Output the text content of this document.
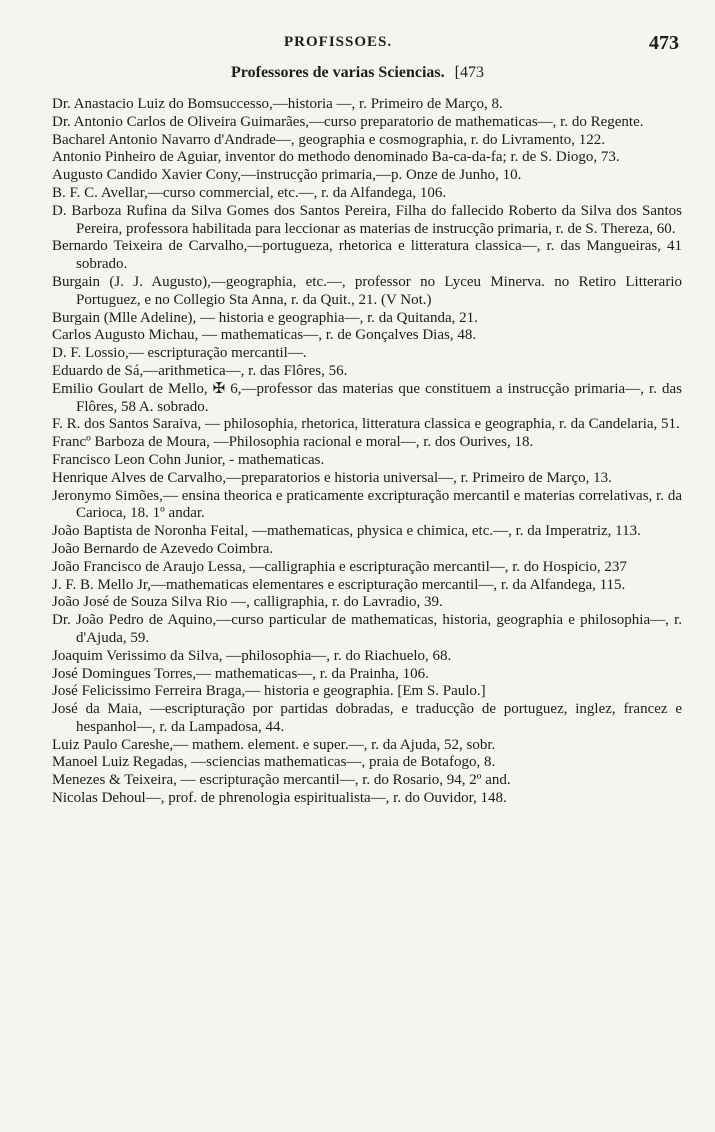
PROFISSOES.	473
Professores de varias Sciencias. [473

Dr. Anastacio Luiz do Bomsuccesso,—historia —, r. Primeiro de Março, 8.

Dr. Antonio Carlos de Oliveira Guimarães,—curso preparatorio de mathematicas—, r. do Regente.

Bacharel Antonio Navarro d'Andrade—, geographia e cosmographia, r. do Livramento, 122.

Antonio Pinheiro de Aguiar, inventor do methodo denominado Ba-ca-da-fa; r. de S. Diogo, 73.

Augusto Candido Xavier Cony,—instrucção primaria,—p. Onze de Junho, 10.

B. F. C. Avellar,—curso commercial, etc.—, r. da Alfandega, 106.

D. Barboza Rufina da Silva Gomes dos Santos Pereira, Filha do fallecido Roberto da Silva dos Santos Pereira, professora habilitada para leccionar as materias de instrucção primaria, r. de S. Thereza, 60.

Bernardo Teixeira de Carvalho,—portugueza, rhetorica e litteratura classica—, r. das Mangueiras, 41 sobrado.

Burgain (J. J. Augusto),—geographia, etc.—, professor no Lyceu Minerva. no Retiro Litterario Portuguez, e no Collegio Sta Anna, r. da Quit., 21. (V Not.)

Burgain (Mlle Adeline), — historia e geographia—, r. da Quitanda, 21.

Carlos Augusto Michau, — mathematicas—, r. de Gonçalves Dias, 48.

D. F. Lossio,— escripturação mercantil—.

Eduardo de Sá,—arithmetica—, r. das Flôres, 56.

Emilio Goulart de Mello, ✠ 6,—professor das materias que constituem a instrucção primaria—, r. das Flôres, 58 A. sobrado.

F. R. dos Santos Saraiva, — philosophia, rhetorica, litteratura classica e geographia, r. da Candelaria, 51.

Francº Barboza de Moura, —Philosophia racional e moral—, r. dos Ourives, 18.

Francisco Leon Cohn Junior, - mathematicas.

Henrique Alves de Carvalho,—preparatorios e historia universal—, r. Primeiro de Março, 13.

Jeronymo Simões,— ensina theorica e praticamente excripturação mercantil e materias correlativas, r. da Carioca, 18. 1º andar.

João Baptista de Noronha Feital, —mathematicas, physica e chimica, etc.—, r. da Imperatriz, 113.

João Bernardo de Azevedo Coimbra.

João Francisco de Araujo Lessa, —calligraphia e escripturação mercantil—, r. do Hospicio, 237

J. F. B. Mello Jr,—mathematicas elementares e escripturação mercantil—, r. da Alfandega, 115.

João José de Souza Silva Rio —, calligraphia, r. do Lavradio, 39.

Dr. João Pedro de Aquino,—curso particular de mathematicas, historia, geographia e philosophia—, r. d'Ajuda, 59.

Joaquim Verissimo da Silva, —philosophia—, r. do Riachuelo, 68.

José Domingues Torres,— mathematicas—, r. da Prainha, 106.

José Felicissimo Ferreira Braga,— historia e geographia. [Em S. Paulo.]

José da Maia, —escripturação por partidas dobradas, e traducção de portuguez, inglez, francez e hespanhol—, r. da Lampadosa, 44.

Luiz Paulo Careshe,— mathem. element. e super.—, r. da Ajuda, 52, sobr.

Manoel Luiz Regadas, —sciencias mathematicas—, praia de Botafogo, 8.

Menezes & Teixeira, — escripturação mercantil—, r. do Rosario, 94, 2º and.

Nicolas Dehoul—, prof. de phrenologia espiritualista—, r. do Ouvidor, 148.
